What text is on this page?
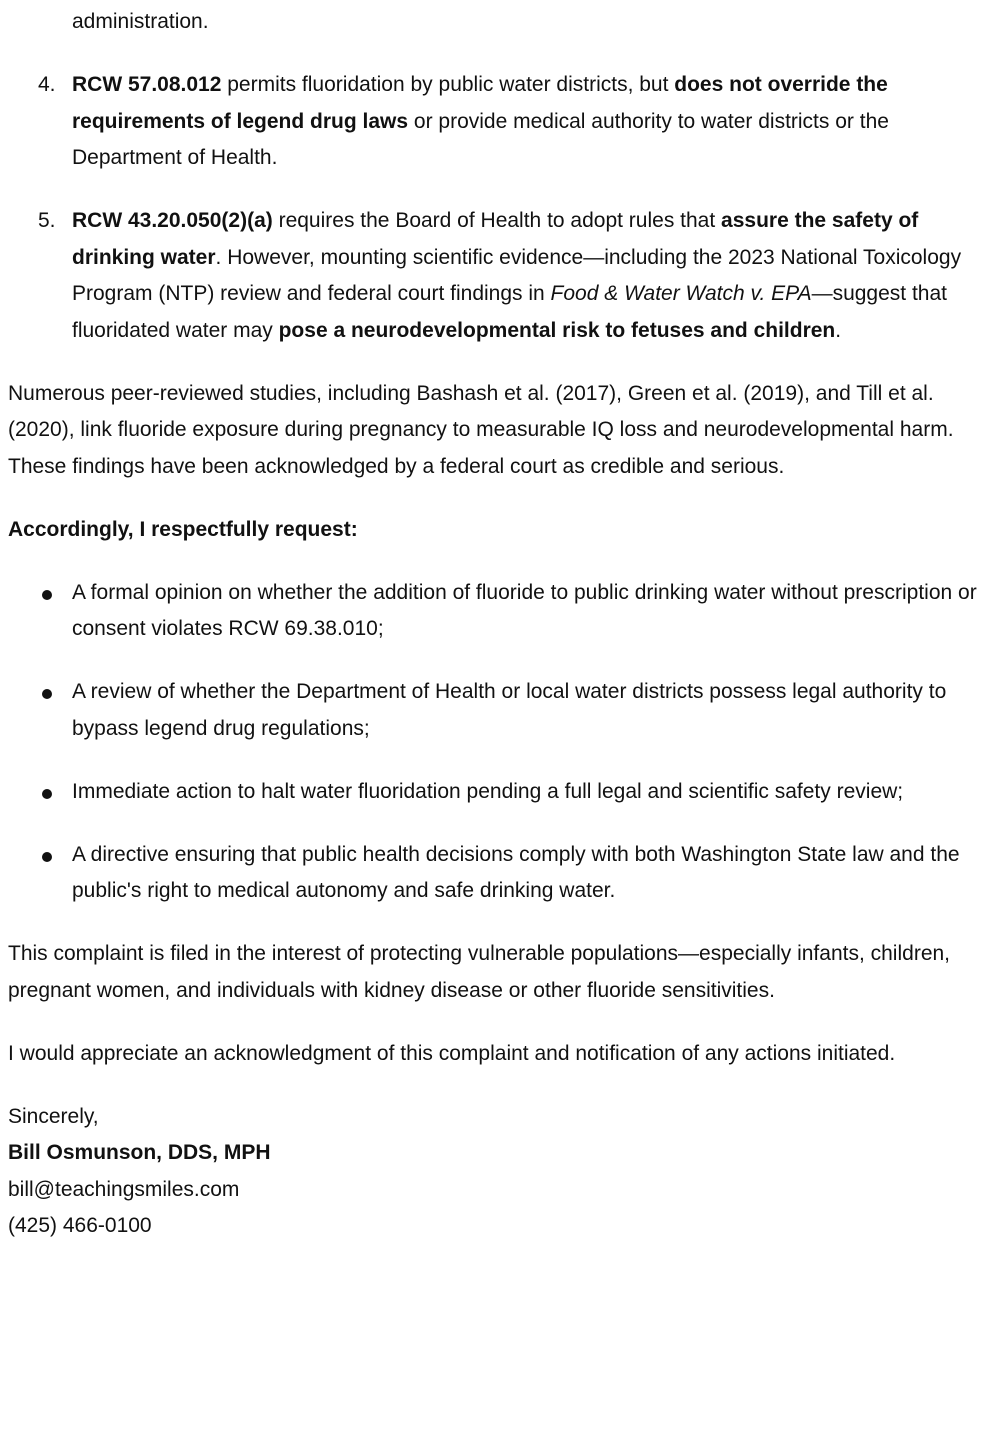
administration.

4. RCW 57.08.012 permits fluoridation by public water districts, but does not override the requirements of legend drug laws or provide medical authority to water districts or the Department of Health.
5. RCW 43.20.050(2)(a) requires the Board of Health to adopt rules that assure the safety of drinking water. However, mounting scientific evidence—including the 2023 National Toxicology Program (NTP) review and federal court findings in Food & Water Watch v. EPA—suggest that fluoridated water may pose a neurodevelopmental risk to fetuses and children.

Numerous peer-reviewed studies, including Bashash et al. (2017), Green et al. (2019), and Till et al. (2020), link fluoride exposure during pregnancy to measurable IQ loss and neurodevelopmental harm. These findings have been acknowledged by a federal court as credible and serious.

Accordingly, I respectfully request:

A formal opinion on whether the addition of fluoride to public drinking water without prescription or consent violates RCW 69.38.010;
A review of whether the Department of Health or local water districts possess legal authority to bypass legend drug regulations;
Immediate action to halt water fluoridation pending a full legal and scientific safety review;
A directive ensuring that public health decisions comply with both Washington State law and the public's right to medical autonomy and safe drinking water.

This complaint is filed in the interest of protecting vulnerable populations—especially infants, children, pregnant women, and individuals with kidney disease or other fluoride sensitivities.

I would appreciate an acknowledgment of this complaint and notification of any actions initiated.

Sincerely,
Bill Osmunson, DDS, MPH
bill@teachingsmiles.com
(425) 466-0100
